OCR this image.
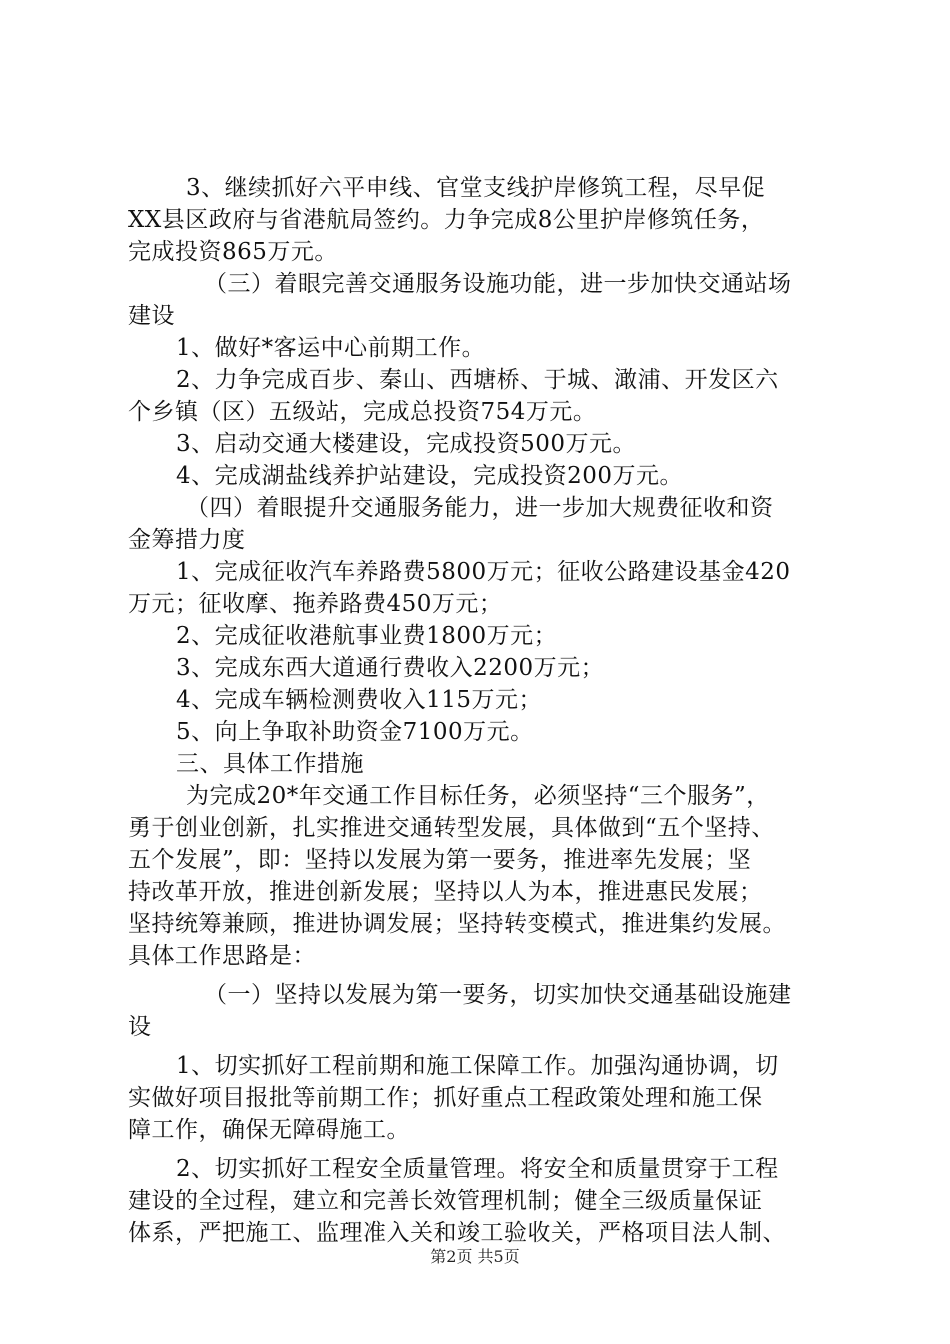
3、继续抓好六平申线、官堂支线护岸修筑工程，尽早促
XX县区政府与省港航局签约。力争完成8公里护岸修筑任务，
完成投资865万元。
（三）着眼完善交通服务设施功能，进一步加快交通站场
建设
1、做好*客运中心前期工作。
2、力争完成百步、秦山、西塘桥、于城、澉浦、开发区六
个乡镇（区）五级站，完成总投资754万元。
3、启动交通大楼建设，完成投资500万元。
4、完成湖盐线养护站建设，完成投资200万元。
（四）着眼提升交通服务能力，进一步加大规费征收和资
金筹措力度
1、完成征收汽车养路费5800万元；征收公路建设基金420
万元；征收摩、拖养路费450万元；
2、完成征收港航事业费1800万元；
3、完成东西大道通行费收入2200万元；
4、完成车辆检测费收入115万元；
5、向上争取补助资金7100万元。
三、具体工作措施
为完成20*年交通工作目标任务，必须坚持“三个服务”，
勇于创业创新，扎实推进交通转型发展，具体做到“五个坚持、
五个发展”，即：坚持以发展为第一要务，推进率先发展；坚
持改革开放，推进创新发展；坚持以人为本，推进惠民发展；
坚持统筹兼顾，推进协调发展；坚持转变模式，推进集约发展。
具体工作思路是：
（一）坚持以发展为第一要务，切实加快交通基础设施建
设
1、切实抓好工程前期和施工保障工作。加强沟通协调，切
实做好项目报批等前期工作；抓好重点工程政策处理和施工保
障工作，确保无障碍施工。
2、切实抓好工程安全质量管理。将安全和质量贯穿于工程
建设的全过程，建立和完善长效管理机制；健全三级质量保证
体系，严把施工、监理准入关和竣工验收关，严格项目法人制、
第2页 共5页
